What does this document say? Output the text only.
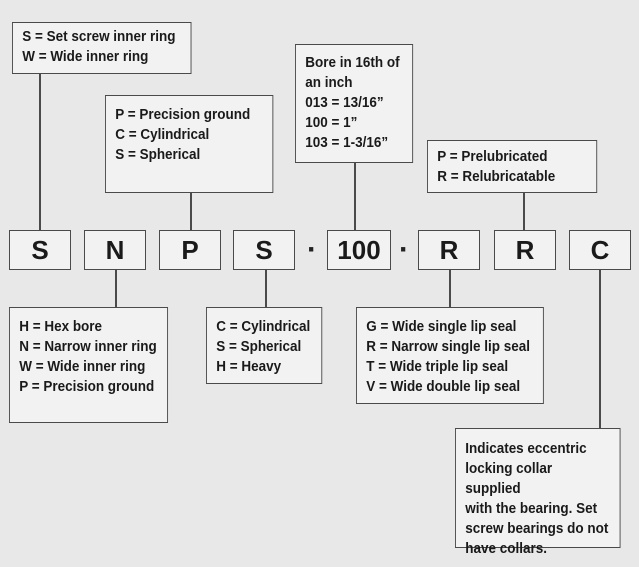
S = Set screw inner ring
W = Wide inner ring
P = Precision ground
C = Cylindrical
S = Spherical
Bore in 16th of
an inch
013 = 13/16”
100 = 1”
103 = 1-3/16”
P = Prelubricated
R = Relubricatable
S	N	P	S	· 100 ·	R	R	C
H = Hex bore
N = Narrow inner ring
W = Wide inner ring
P = Precision ground
C = Cylindrical
S = Spherical
H = Heavy
G = Wide single lip seal
R = Narrow single lip seal
T = Wide triple lip seal
V = Wide double lip seal
Indicates eccentric
locking collar supplied
with the bearing. Set
screw bearings do not
have collars.
